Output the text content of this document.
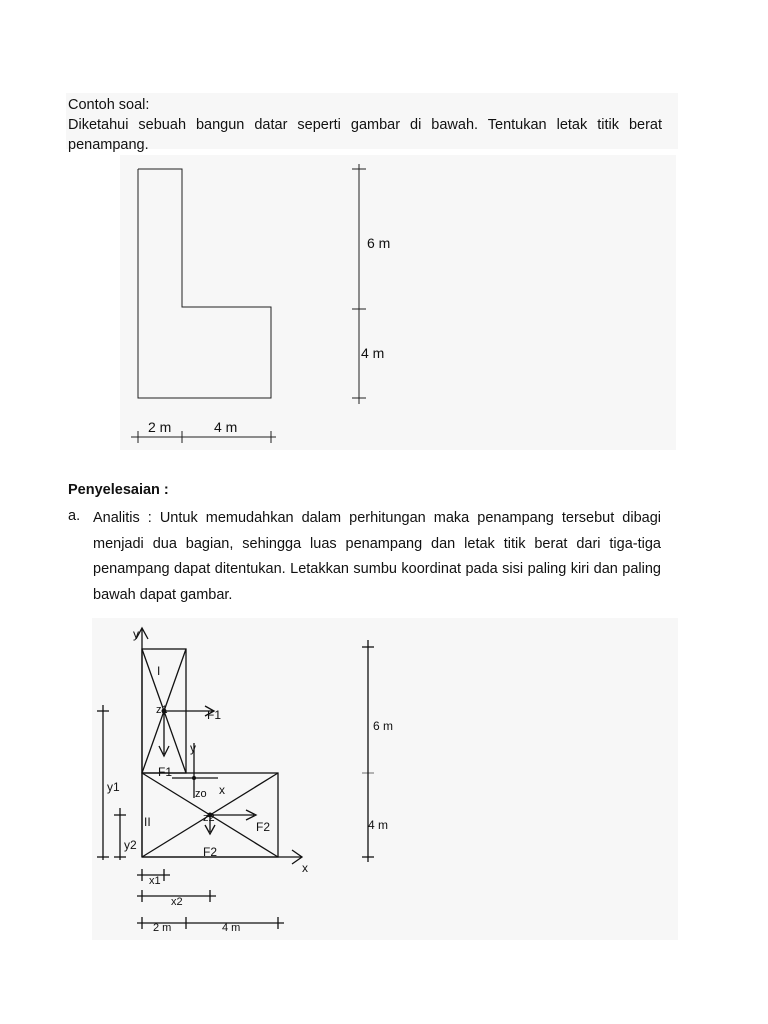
Contoh soal:
Diketahui sebuah bangun datar seperti gambar di bawah. Tentukan letak titik berat penampang.
6 m
4 m
2 m	4 m
Penyelesaian :
a. Analitis : Untuk memudahkan dalam perhitungan maka penampang tersebut dibagi menjadi dua bagian, sehingga luas penampang dan letak titik berat dari tiga-tiga penampang dapat ditentukan. Letakkan sumbu koordinat pada sisi paling kiri dan paling bawah dapat gambar.
y
x
I
II
z1	F1
F1
y
zo x
z2
F2
F2
y1
y2
x1
x2
2 m	4 m
6 m
4 m
